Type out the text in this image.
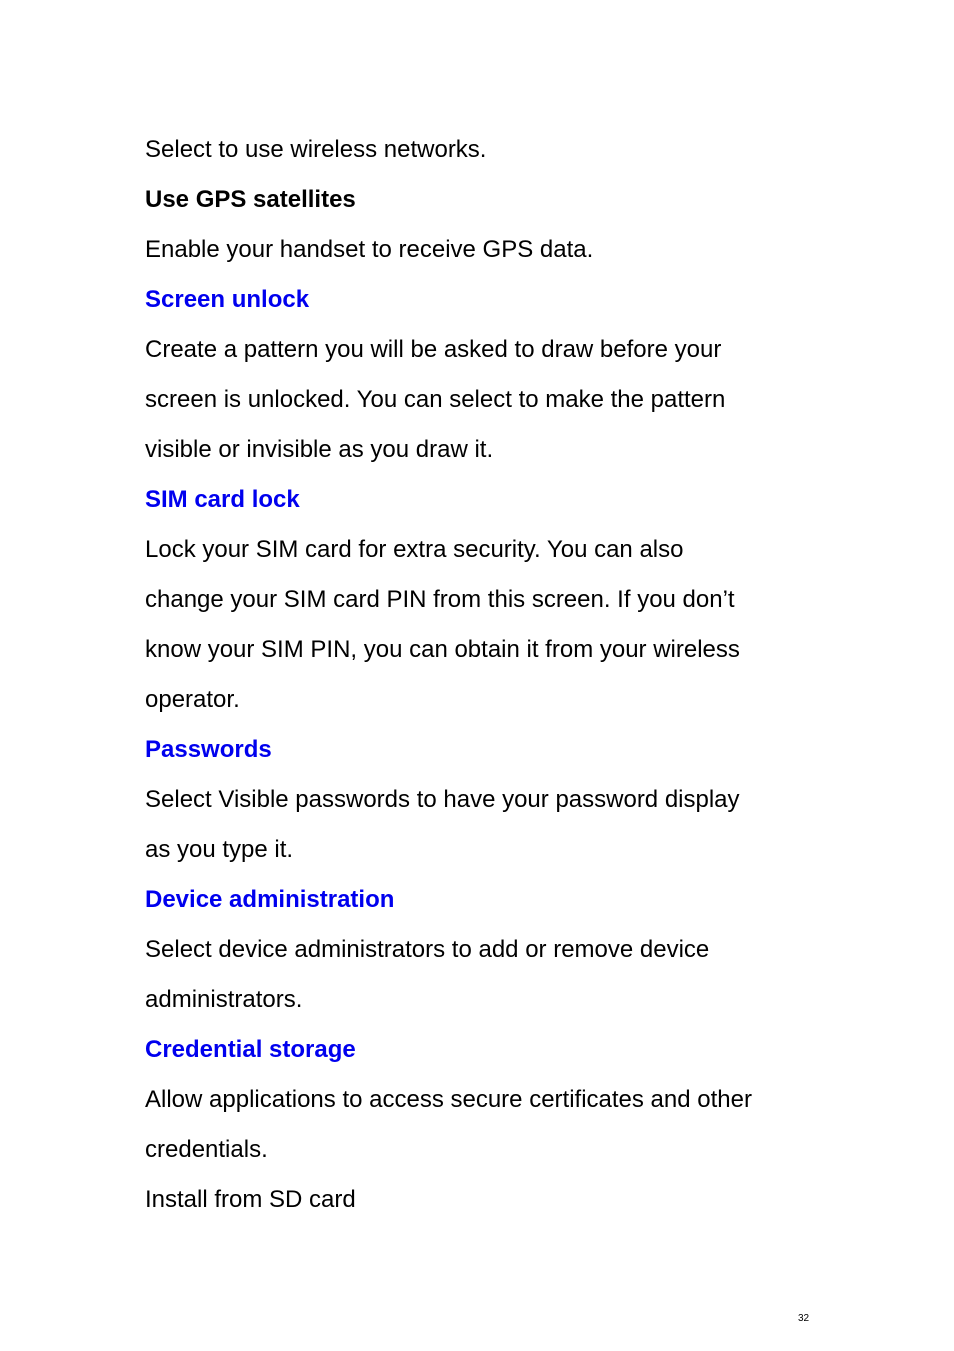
Select to use wireless networks.

Use GPS satellites

Enable your handset to receive GPS data.

Screen unlock

Create a pattern you will be asked to draw before your

screen is unlocked. You can select to make the pattern

visible or invisible as you draw it.

SIM card lock

Lock your SIM card for extra security. You can also

change your SIM card PIN from this screen. If you don’t

know your SIM PIN, you can obtain it from your wireless

operator.

Passwords

Select Visible passwords to have your password display

as you type it.

Device administration

Select device administrators to add or remove device

administrators.

Credential storage

Allow applications to access secure certificates and other

credentials.

Install from SD card

32
